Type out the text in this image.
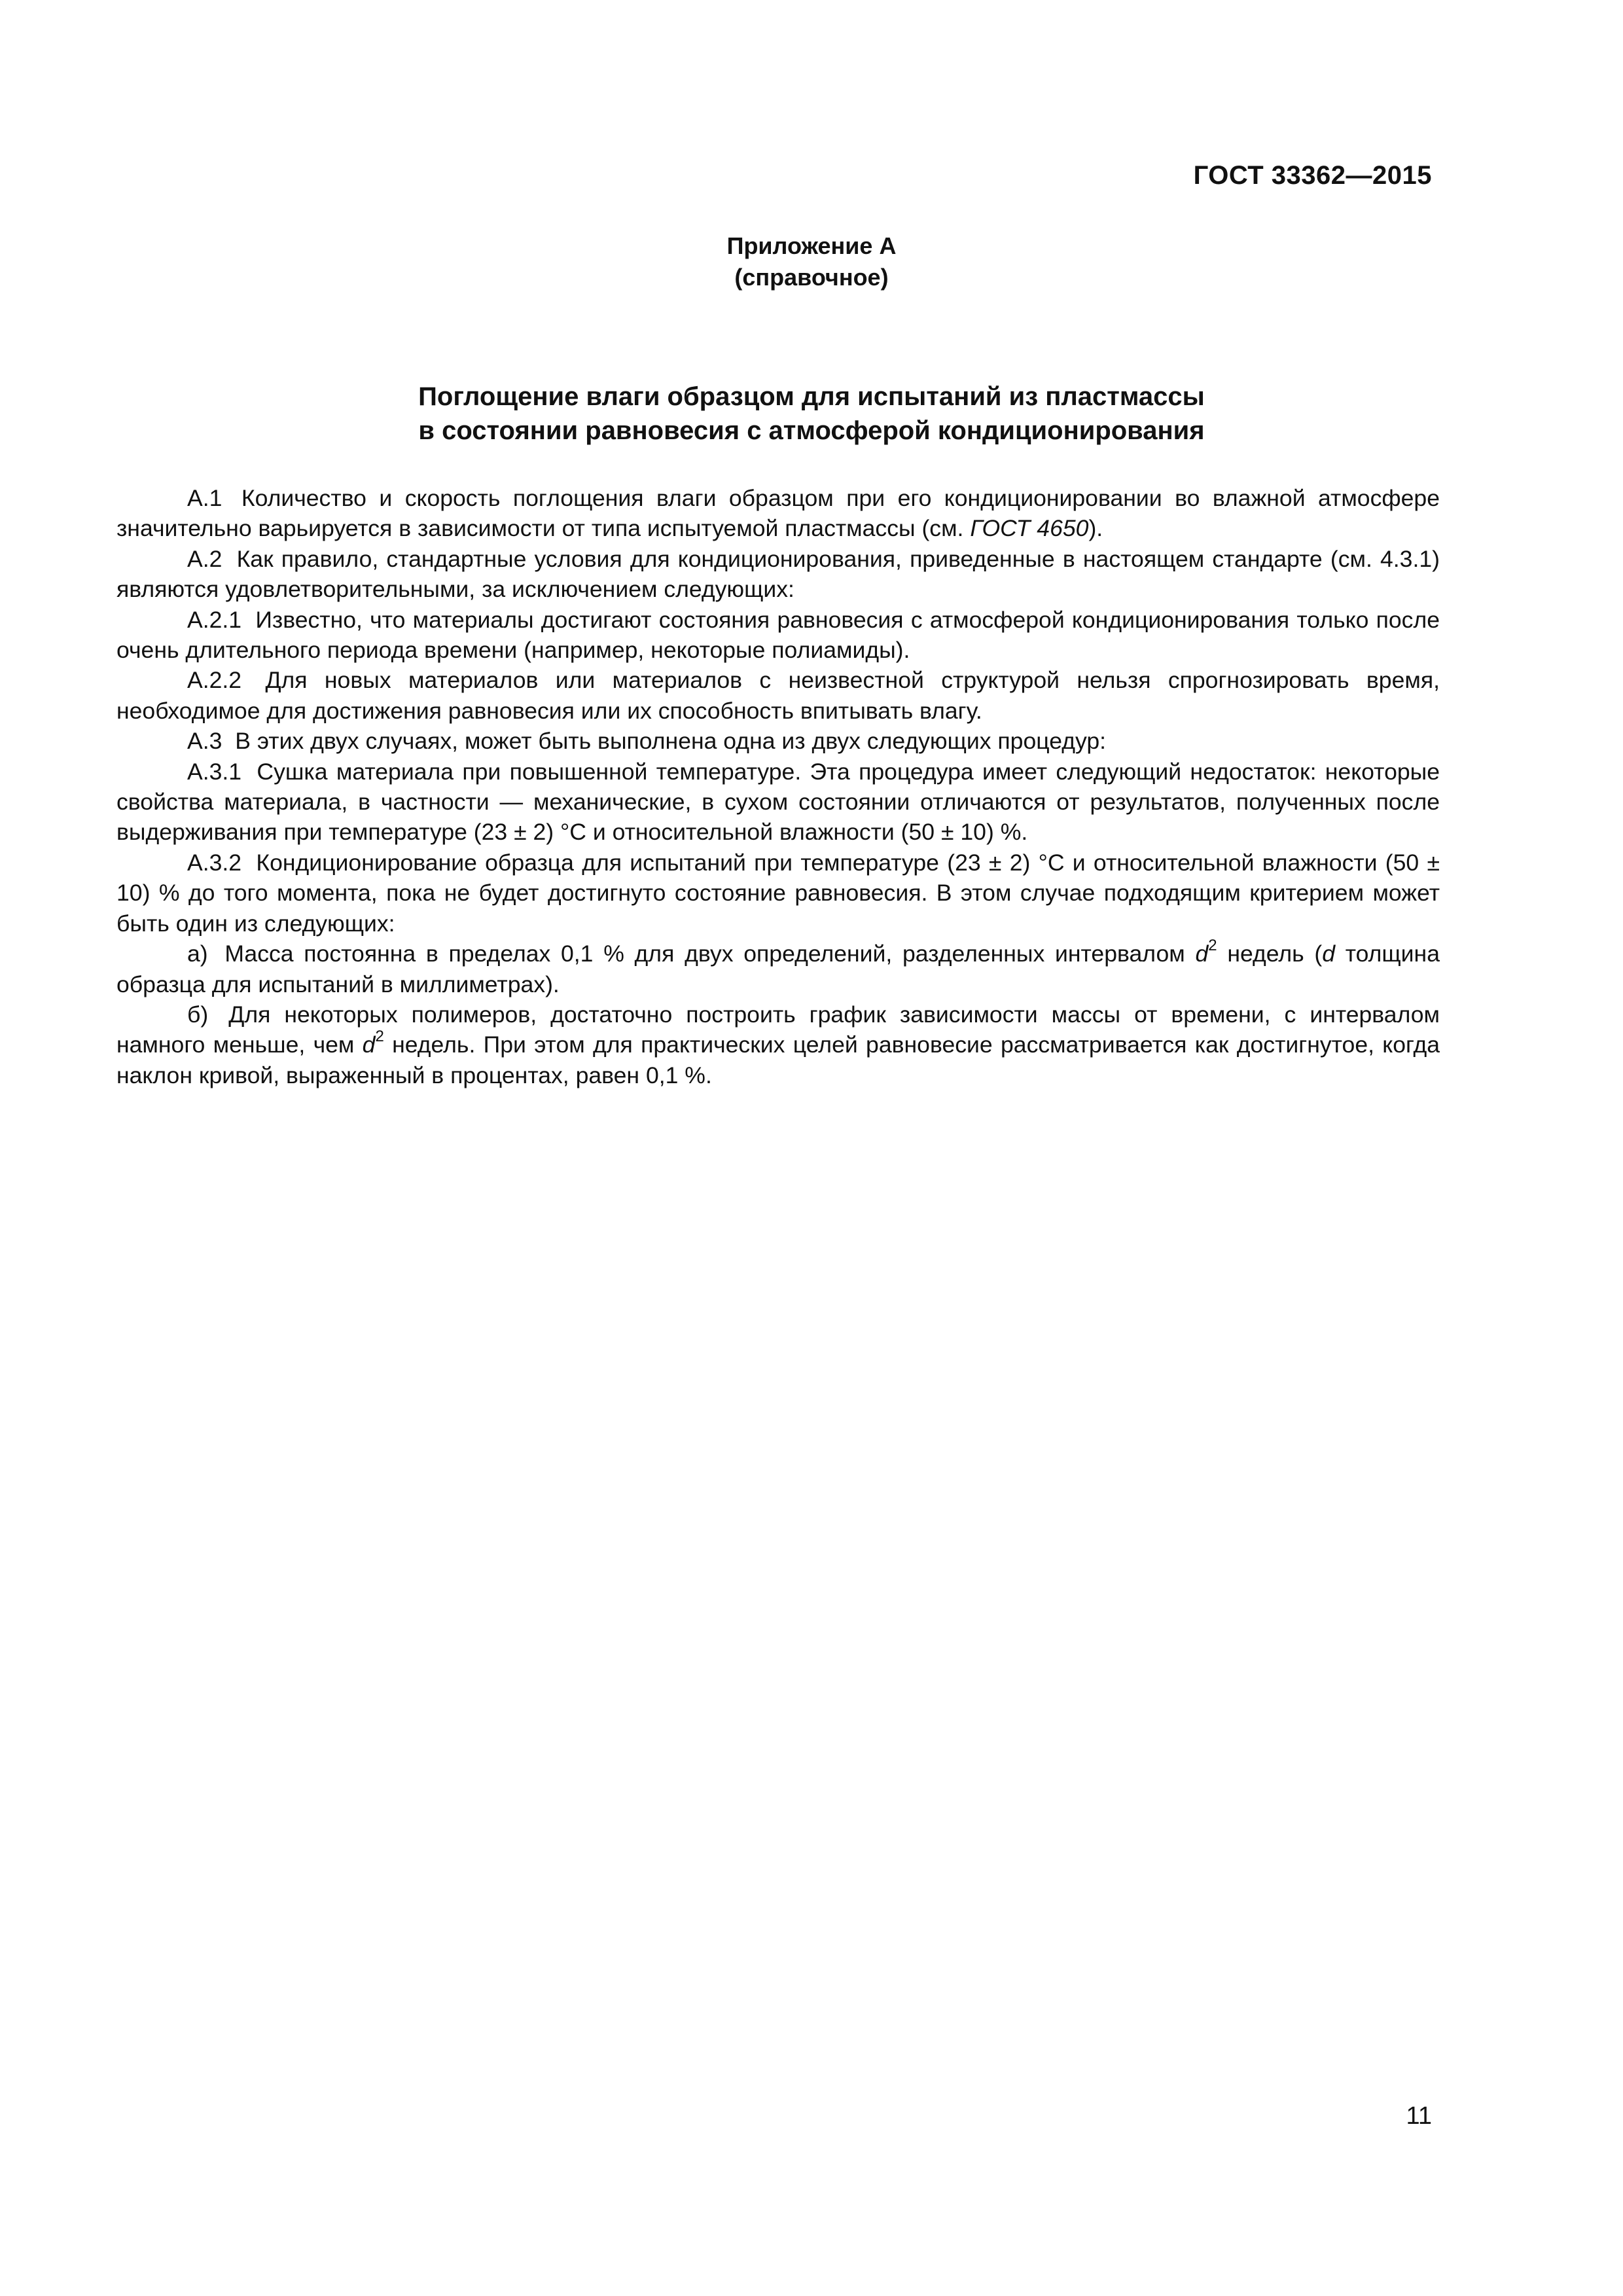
ГОСТ 33362—2015
Приложение А
(справочное)
Поглощение влаги образцом для испытаний из пластмассы
в состоянии равновесия с атмосферой кондиционирования

А.1 Количество и скорость поглощения влаги образцом при его кондиционировании во влажной атмосфере значительно варьируется в зависимости от типа испытуемой пластмассы (см. ГОСТ 4650).

А.2 Как правило, стандартные условия для кондиционирования, приведенные в настоящем стандарте (см. 4.3.1) являются удовлетворительными, за исключением следующих:

А.2.1 Известно, что материалы достигают состояния равновесия с атмосферой кондиционирования только после очень длительного периода времени (например, некоторые полиамиды).

А.2.2 Для новых материалов или материалов с неизвестной структурой нельзя спрогнозировать время, необходимое для достижения равновесия или их способность впитывать влагу.

А.3 В этих двух случаях, может быть выполнена одна из двух следующих процедур:

А.3.1 Сушка материала при повышенной температуре. Эта процедура имеет следующий недостаток: некоторые свойства материала, в частности — механические, в сухом состоянии отличаются от результатов, полученных после выдерживания при температуре (23 ± 2) °С и относительной влажности (50 ± 10) %.

А.3.2 Кондиционирование образца для испытаний при температуре (23 ± 2) °С и относительной влажности (50 ± 10) % до того момента, пока не будет достигнуто состояние равновесия. В этом случае подходящим критерием может быть один из следующих:

а) Масса постоянна в пределах 0,1 % для двух определений, разделенных интервалом $d^2$ недель (d толщина образца для испытаний в миллиметрах).

б) Для некоторых полимеров, достаточно построить график зависимости массы от времени, с интервалом намного меньше, чем $d^2$ недель. При этом для практических целей равновесие рассматривается как достигнутое, когда наклон кривой, выраженный в процентах, равен 0,1 %.

11
